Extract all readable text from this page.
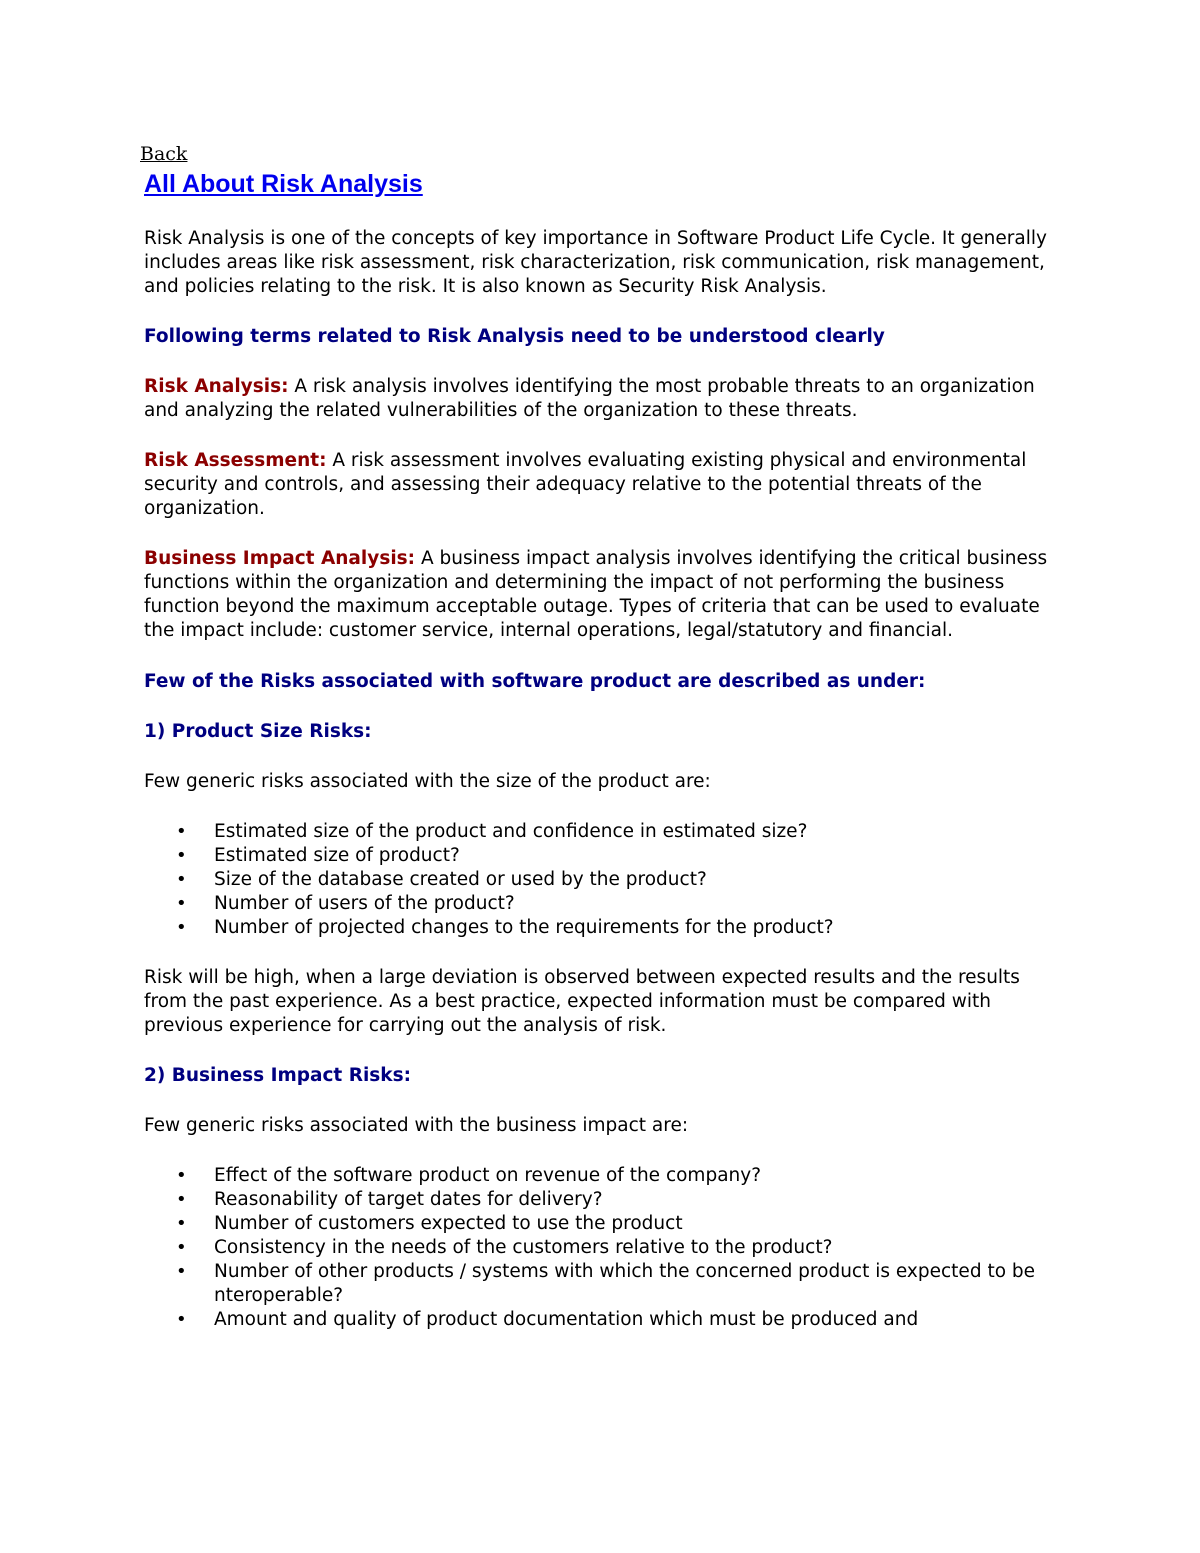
Back
All About Risk Analysis

Risk Analysis is one of the concepts of key importance in Software Product Life Cycle. It generally includes areas like risk assessment, risk characterization, risk communication, risk management, and policies relating to the risk. It is also known as Security Risk Analysis.

Following terms related to Risk Analysis need to be understood clearly

Risk Analysis: A risk analysis involves identifying the most probable threats to an organization and analyzing the related vulnerabilities of the organization to these threats.

Risk Assessment: A risk assessment involves evaluating existing physical and environmental security and controls, and assessing their adequacy relative to the potential threats of the organization.

Business Impact Analysis: A business impact analysis involves identifying the critical business functions within the organization and determining the impact of not performing the business function beyond the maximum acceptable outage. Types of criteria that can be used to evaluate the impact include: customer service, internal operations, legal/statutory and financial.

Few of the Risks associated with software product are described as under:

1) Product Size Risks:

Few generic risks associated with the size of the product are:

• Estimated size of the product and confidence in estimated size?
• Estimated size of product?
• Size of the database created or used by the product?
• Number of users of the product?
• Number of projected changes to the requirements for the product?

Risk will be high, when a large deviation is observed between expected results and the results from the past experience. As a best practice, expected information must be compared with previous experience for carrying out the analysis of risk.

2) Business Impact Risks:

Few generic risks associated with the business impact are:

• Effect of the software product on revenue of the company?
• Reasonability of target dates for delivery?
• Number of customers expected to use the product
• Consistency in the needs of the customers relative to the product?
• Number of other products / systems with which the concerned product is expected to be nteroperable?
• Amount and quality of product documentation which must be produced and
